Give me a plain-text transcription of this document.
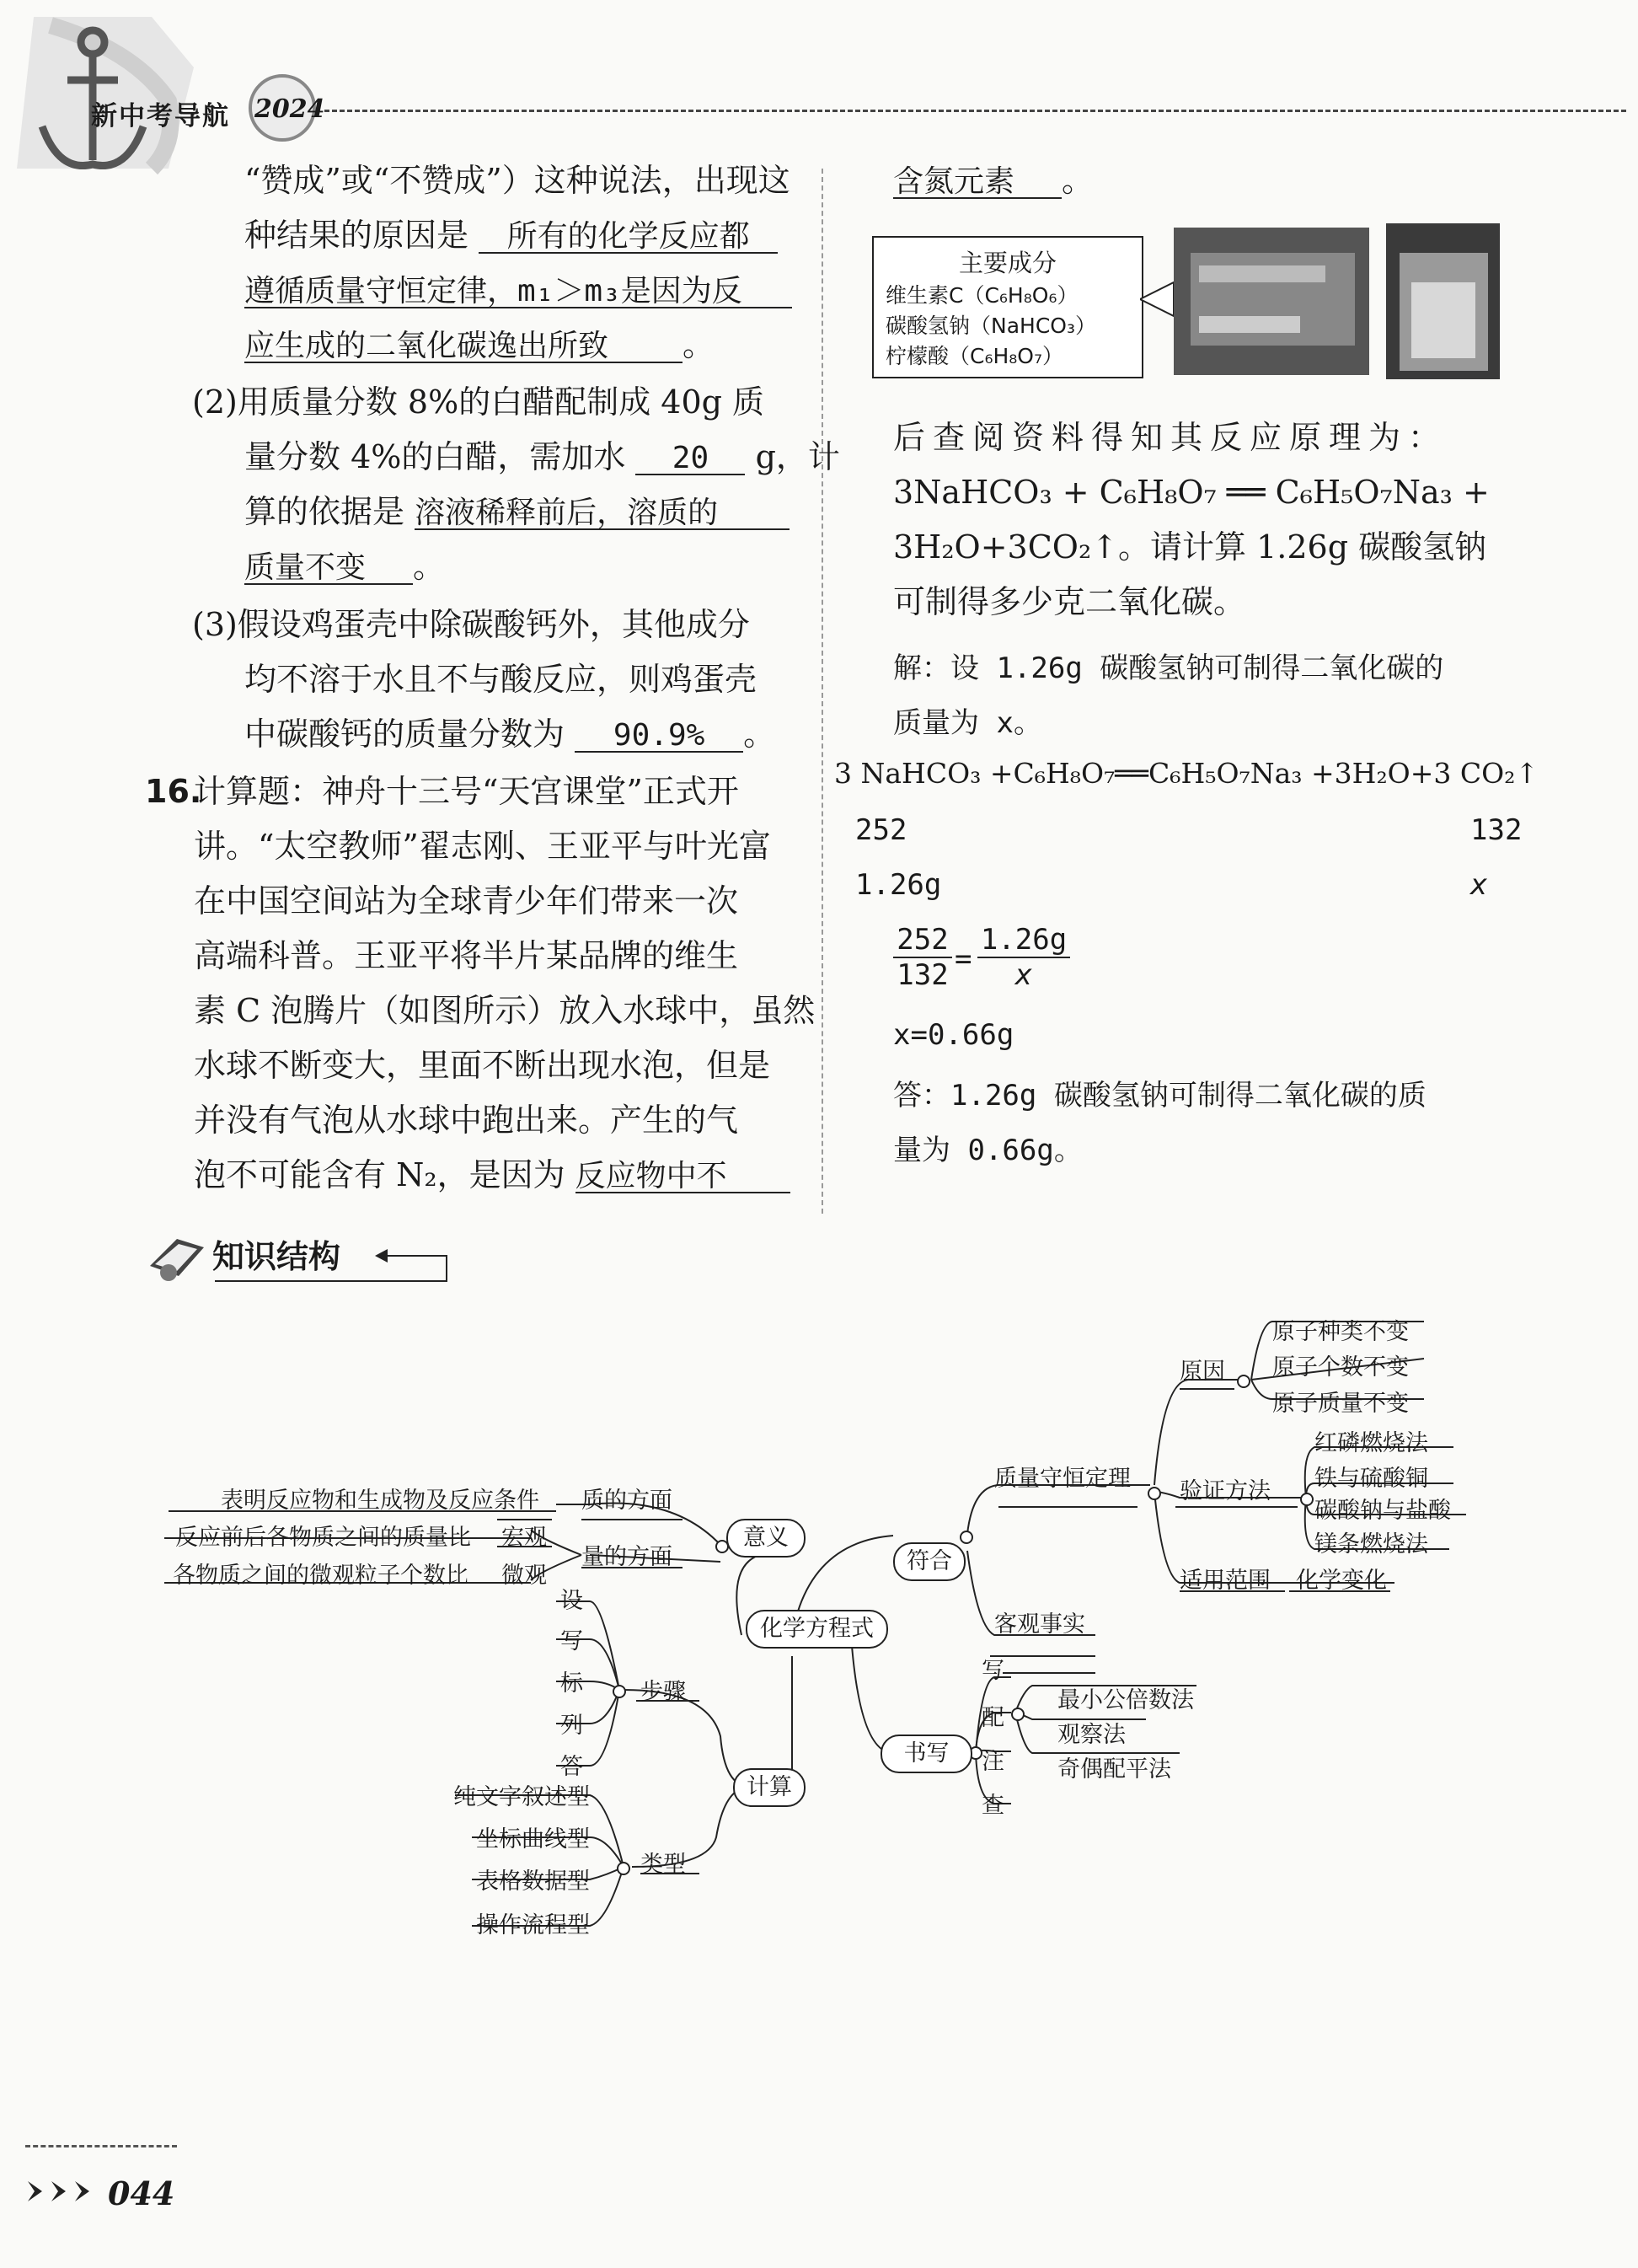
新中考导航 2024
“赞成”或“不赞成”）这种说法，出现这
种结果的原因是 所有的化学反应都
遵循质量守恒定律，m₁＞m₃是因为反
应生成的二氧化碳逸出所致 。
(2)用质量分数 8%的白醋配制成 40g 质
量分数 4%的白醋，需加水 20 g，计
算的依据是 溶液稀释前后，溶质的
质量不变 。
(3)假设鸡蛋壳中除碳酸钙外，其他成分
均不溶于水且不与酸反应，则鸡蛋壳
中碳酸钙的质量分数为 90.9% 。
16.
计算题：神舟十三号“天宫课堂”正式开
讲。“太空教师”翟志刚、王亚平与叶光富
在中国空间站为全球青少年们带来一次
高端科普。王亚平将半片某品牌的维生
素 C 泡腾片（如图所示）放入水球中，虽然
水球不断变大，里面不断出现水泡，但是
并没有气泡从水球中跑出来。产生的气
泡不可能含有 N₂，是因为 反应物中不
含氮元素 。
主要成分
维生素C（C₆H₈O₆）
碳酸氢钠（NaHCO₃）
柠檬酸（C₆H₈O₇）
后查阅资料得知其反应原理为：
3NaHCO₃ + C₆H₈O₇ ══ C₆H₅O₇Na₃ +
3H₂O+3CO₂↑。请计算 1.26g 碳酸氢钠
可制得多少克二氧化碳。
解：设 1.26g 碳酸氢钠可制得二氧化碳的
质量为 x。
3 NaHCO₃ +C₆H₈O₇══C₆H₅O₇Na₃ +3H₂O+3 CO₂↑
252	132
1.26g	x
252
132 =
1.26g
x
x=0.66g
答：1.26g 碳酸氢钠可制得二氧化碳的质
量为 0.66g。
知识结构
化学方程式
意义
符合
书写
计算
表明反应物和生成物及反应条件 质的方面
反应前后各物质之间的质量比 宏观
量的方面
各物质之间的微观粒子个数比 微观
质量守恒定理
原因
原子种类不变
原子个数不变
原子质量不变
验证方法
红磷燃烧法
铁与硫酸铜
碳酸钠与盐酸
镁条燃烧法
适用范围 化学变化
客观事实
写
配
注
查
最小公倍数法
观察法
奇偶配平法
步骤
设
写
标
列
答
类型
纯文字叙述型
坐标曲线型
表格数据型
操作流程型
044
